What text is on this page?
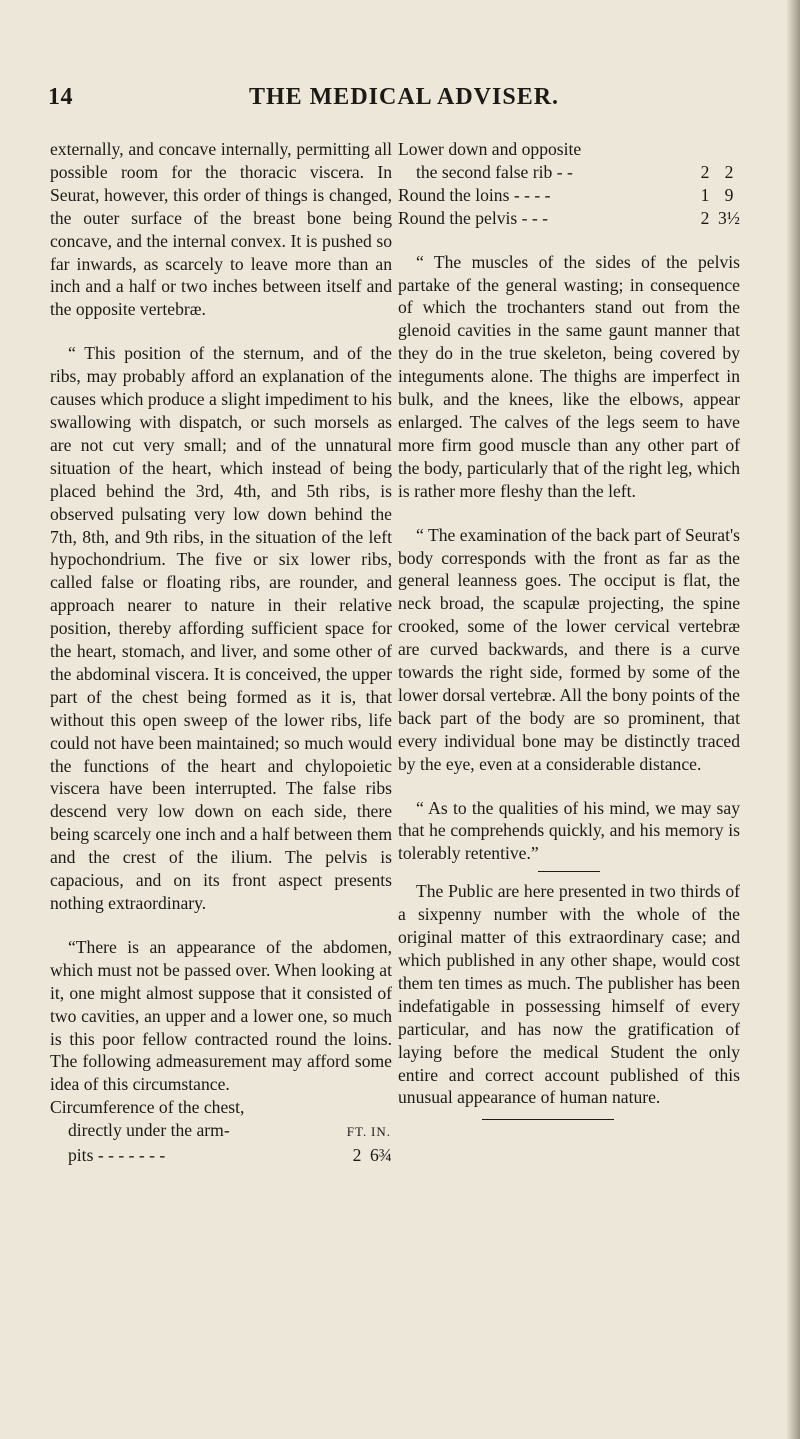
14	THE MEDICAL ADVISER.

externally, and concave internally, permitting all possible room for the thoracic viscera. In Seurat, however, this order of things is changed, the outer surface of the breast bone being concave, and the internal convex. It is pushed so far inwards, as scarcely to leave more than an inch and a half or two inches between itself and the opposite vertebræ.

“ This position of the sternum, and of the ribs, may probably afford an explanation of the causes which produce a slight impediment to his swallowing with dispatch, or such morsels as are not cut very small; and of the unnatural situation of the heart, which instead of being placed behind the 3rd, 4th, and 5th ribs, is observed pulsating very low down behind the 7th, 8th, and 9th ribs, in the situation of the left hypochondrium. The five or six lower ribs, called false or floating ribs, are rounder, and approach nearer to nature in their relative position, thereby affording sufficient space for the heart, stomach, and liver, and some other of the abdominal viscera. It is conceived, the upper part of the chest being formed as it is, that without this open sweep of the lower ribs, life could not have been maintained; so much would the functions of the heart and chylopoietic viscera have been interrupted. The false ribs descend very low down on each side, there being scarcely one inch and a half between them and the crest of the ilium. The pelvis is capacious, and on its front aspect presents nothing extraordinary.

“There is an appearance of the abdomen, which must not be passed over. When looking at it, one might almost suppose that it consisted of two cavities, an upper and a lower one, so much is this poor fellow contracted round the loins. The following admeasurement may afford some idea of this circumstance.

Circumference of the chest,
directly under the arm-	FT. IN.
pits - - - - - - -	2 6¾
Lower down and opposite
the second false rib - -	2 2
Round the loins - - - -	1 9
Round the pelvis - - -	2 3½

“ The muscles of the sides of the pelvis partake of the general wasting; in consequence of which the trochanters stand out from the glenoid cavities in the same gaunt manner that they do in the true skeleton, being covered by integuments alone. The thighs are imperfect in bulk, and the knees, like the elbows, appear enlarged. The calves of the legs seem to have more firm good muscle than any other part of the body, particularly that of the right leg, which is rather more fleshy than the left.

“ The examination of the back part of Seurat's body corresponds with the front as far as the general leanness goes. The occiput is flat, the neck broad, the scapulæ projecting, the spine crooked, some of the lower cervical vertebræ are curved backwards, and there is a curve towards the right side, formed by some of the lower dorsal vertebræ. All the bony points of the back part of the body are so prominent, that every individual bone may be distinctly traced by the eye, even at a considerable distance.

“ As to the qualities of his mind, we may say that he comprehends quickly, and his memory is tolerably retentive.”

The Public are here presented in two thirds of a sixpenny number with the whole of the original matter of this extraordinary case; and which published in any other shape, would cost them ten times as much. The publisher has been indefatigable in possessing himself of every particular, and has now the gratification of laying before the medical Student the only entire and correct account published of this unusual appearance of human nature.
